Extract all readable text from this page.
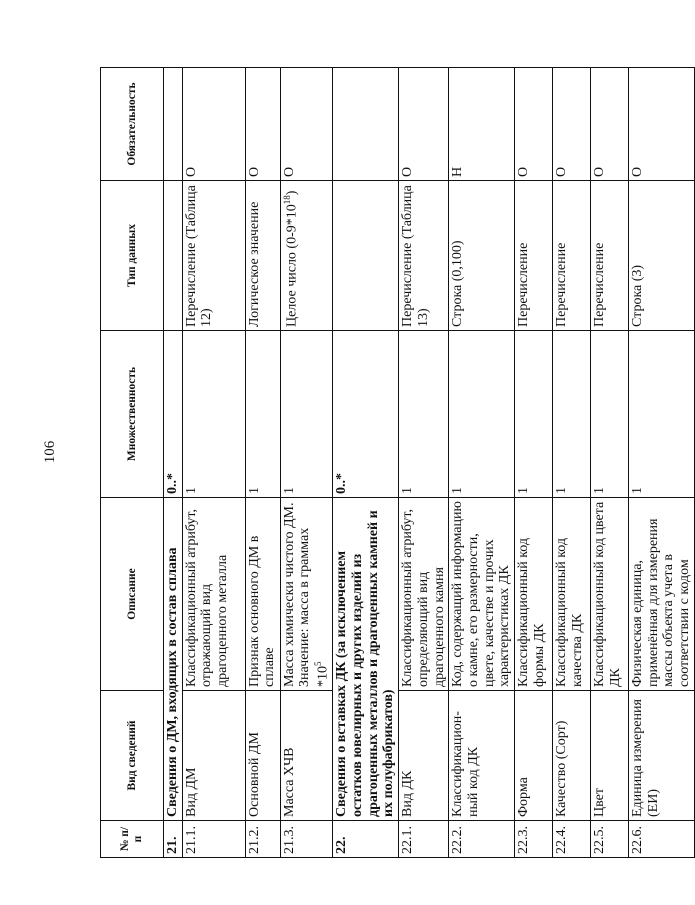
106
№ п/п	Вид сведений	Описание	Множественность	Тип данных	Обязательность
21.	Сведения о ДМ, входящих в состав сплава		0..*		
21.1.	Вид ДМ	Классификационный атрибут, отражающий вид драгоценного металла	1	Перечисление (Таблица 12)	О
21.2.	Основной ДМ	Признак основного ДМ в сплаве	1	Логическое значение	О
21.3.	Масса ХЧВ	Масса химически чистого ДМ. Значение: масса в граммах $*10^5$	1	Целое число $(0-9*10^{18})$	О
22.	Сведения о вставках ДК (за исключением остатков ювелирных и других изделий из драгоценных металлов и драгоценных камней и их полуфабрикатов)		0..*		
22.1.	Вид ДК	Классификационный атрибут, определяющий вид драгоценного камня	1	Перечисление (Таблица 13)	О
22.2.	Классификацион-ный код ДК	Код, содержащий информацию о камне, его размерности, цвете, качестве и прочих характеристиках ДК	1	Строка (0,100)	Н
22.3.	Форма	Классификационный код формы ДК	1	Перечисление	О
22.4.	Качество (Сорт)	Классификационный код качества ДК	1	Перечисление	О
22.5.	Цвет	Классификационный код цвета ДК	1	Перечисление	О
22.6.	Единица измерения (ЕИ)	Физическая единица, применённая для измерения массы объекта учета в соответствии с кодом	1	Строка (3)	О
